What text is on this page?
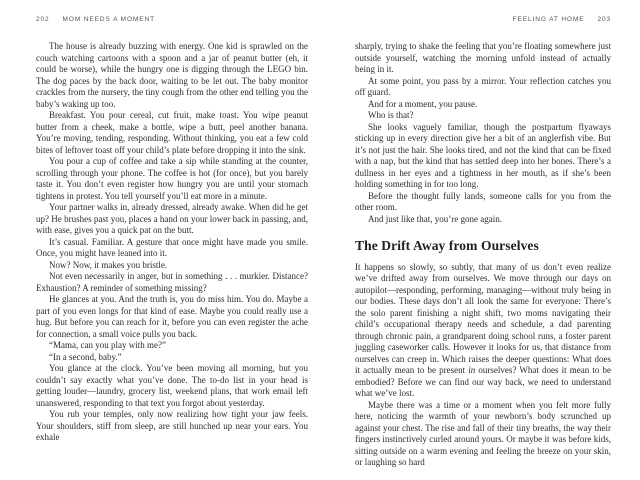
202 MOM NEEDS A MOMENT

The house is already buzzing with energy. One kid is sprawled on the couch watching cartoons with a spoon and a jar of peanut butter (eh, it could be worse), while the hungry one is digging through the LEGO bin. The dog paces by the back door, waiting to be let out. The baby monitor crackles from the nursery, the tiny cough from the other end telling you the baby’s waking up too.

Breakfast. You pour cereal, cut fruit, make toast. You wipe peanut butter from a cheek, make a bottle, wipe a butt, peel another banana. You’re moving, tending, responding. Without thinking, you eat a few cold bites of leftover toast off your child’s plate before dropping it into the sink.

You pour a cup of coffee and take a sip while standing at the counter, scrolling through your phone. The coffee is hot (for once), but you barely taste it. You don’t even register how hungry you are until your stomach tightens in protest. You tell yourself you’ll eat more in a minute.

Your partner walks in, already dressed, already awake. When did he get up? He brushes past you, places a hand on your lower back in passing, and, with ease, gives you a quick pat on the butt.

It’s casual. Familiar. A gesture that once might have made you smile. Once, you might have leaned into it.

Now? Now, it makes you bristle.

Not even necessarily in anger, but in something . . . murkier. Distance? Exhaustion? A reminder of something missing?

He glances at you. And the truth is, you do miss him. You do. Maybe a part of you even longs for that kind of ease. Maybe you could really use a hug. But before you can reach for it, before you can even register the ache for connection, a small voice pulls you back.

“Mama, can you play with me?”

“In a second, baby.”

You glance at the clock. You’ve been moving all morning, but you couldn’t say exactly what you’ve done. The to-do list in your head is getting louder—laundry, grocery list, weekend plans, that work email left unanswered, responding to that text you forgot about yesterday.

You rub your temples, only now realizing how tight your jaw feels. Your shoulders, stiff from sleep, are still hunched up near your ears. You exhale

FEELING AT HOME 203

sharply, trying to shake the feeling that you’re floating somewhere just outside yourself, watching the morning unfold instead of actually being in it.

At some point, you pass by a mirror. Your reflection catches you off guard.

And for a moment, you pause.

Who is that?

She looks vaguely familiar, though the postpartum flyaways sticking up in every direction give her a bit of an anglerfish vibe. But it’s not just the hair. She looks tired, and not the kind that can be fixed with a nap, but the kind that has settled deep into her bones. There’s a dullness in her eyes and a tightness in her mouth, as if she’s been holding something in for too long.

Before the thought fully lands, someone calls for you from the other room.

And just like that, you’re gone again.

The Drift Away from Ourselves

It happens so slowly, so subtly, that many of us don’t even realize we’ve drifted away from ourselves. We move through our days on autopilot—responding, performing, managing—without truly being in our bodies. These days don’t all look the same for everyone: There’s the solo parent finishing a night shift, two moms navigating their child’s occupational therapy needs and schedule, a dad parenting through chronic pain, a grandparent doing school runs, a foster parent juggling caseworker calls. However it looks for us, that distance from ourselves can creep in. Which raises the deeper questions: What does it actually mean to be present in ourselves? What does it mean to be embodied? Before we can find our way back, we need to understand what we’ve lost.

Maybe there was a time or a moment when you felt more fully here, noticing the warmth of your newborn’s body scrunched up against your chest. The rise and fall of their tiny breaths, the way their fingers instinctively curled around yours. Or maybe it was before kids, sitting outside on a warm evening and feeling the breeze on your skin, or laughing so hard
